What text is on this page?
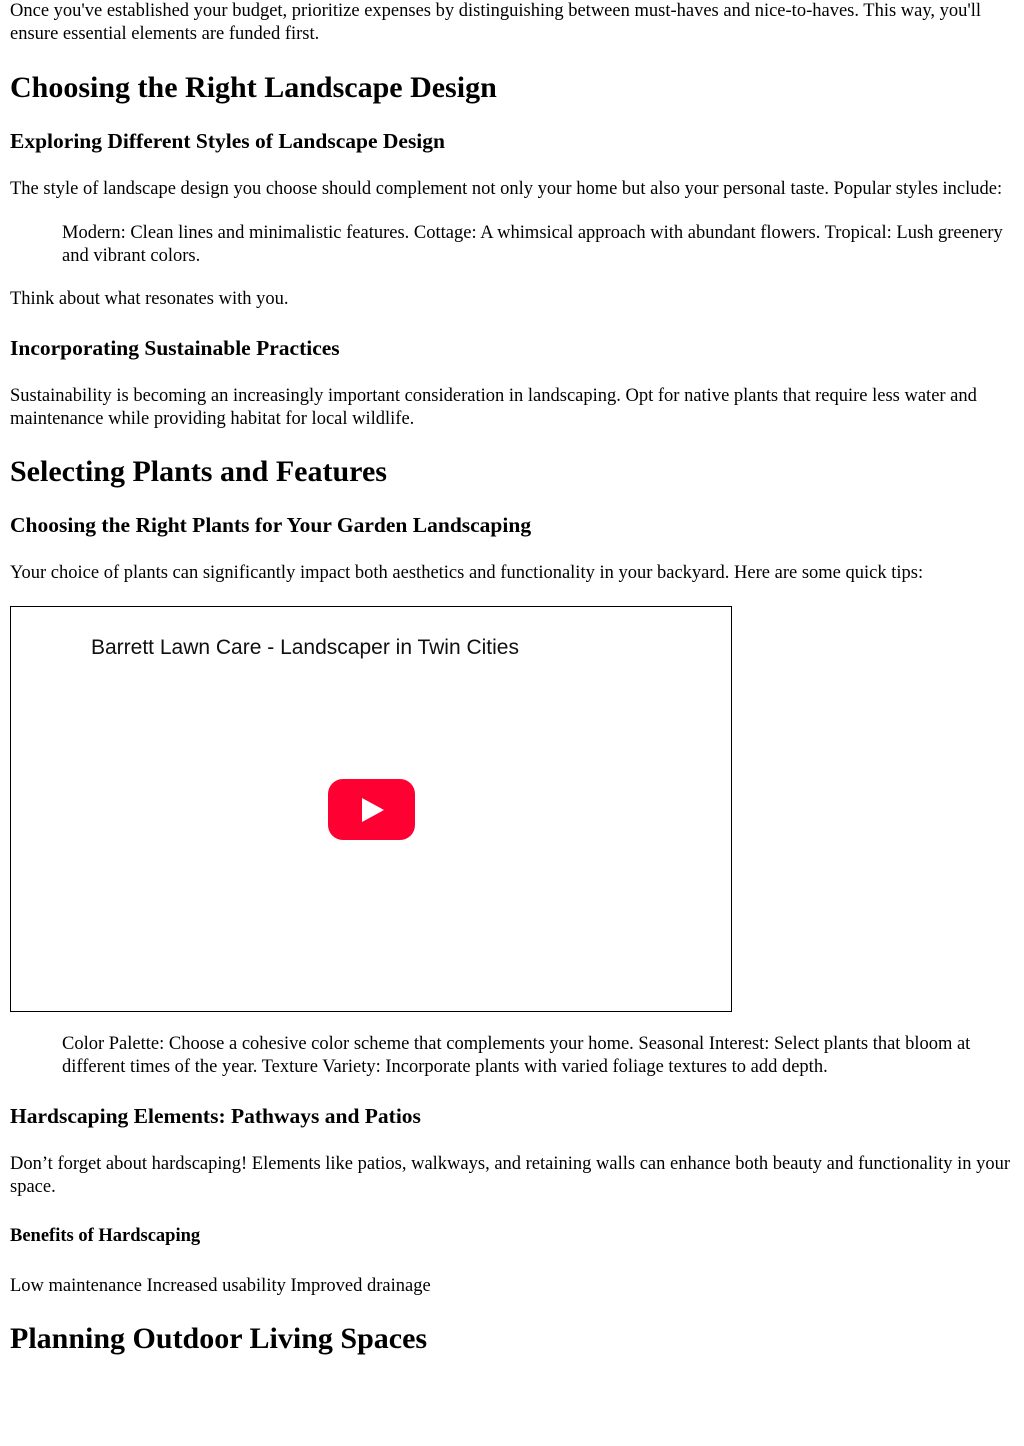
Once you've established your budget, prioritize expenses by distinguishing between must-haves and nice-to-haves. This way, you'll ensure essential elements are funded first.

Choosing the Right Landscape Design
Exploring Different Styles of Landscape Design

The style of landscape design you choose should complement not only your home but also your personal taste. Popular styles include:

Modern: Clean lines and minimalistic features. Cottage: A whimsical approach with abundant flowers. Tropical: Lush greenery and vibrant colors.

Think about what resonates with you.

Incorporating Sustainable Practices

Sustainability is becoming an increasingly important consideration in landscaping. Opt for native plants that require less water and maintenance while providing habitat for local wildlife.

Selecting Plants and Features
Choosing the Right Plants for Your Garden Landscaping

Your choice of plants can significantly impact both aesthetics and functionality in your backyard. Here are some quick tips:

Barrett Lawn Care - Landscaper in Twin Cities
Color Palette: Choose a cohesive color scheme that complements your home. Seasonal Interest: Select plants that bloom at different times of the year. Texture Variety: Incorporate plants with varied foliage textures to add depth.
Hardscaping Elements: Pathways and Patios

Don’t forget about hardscaping! Elements like patios, walkways, and retaining walls can enhance both beauty and functionality in your space.

Benefits of Hardscaping

Low maintenance Increased usability Improved drainage

Planning Outdoor Living Spaces
